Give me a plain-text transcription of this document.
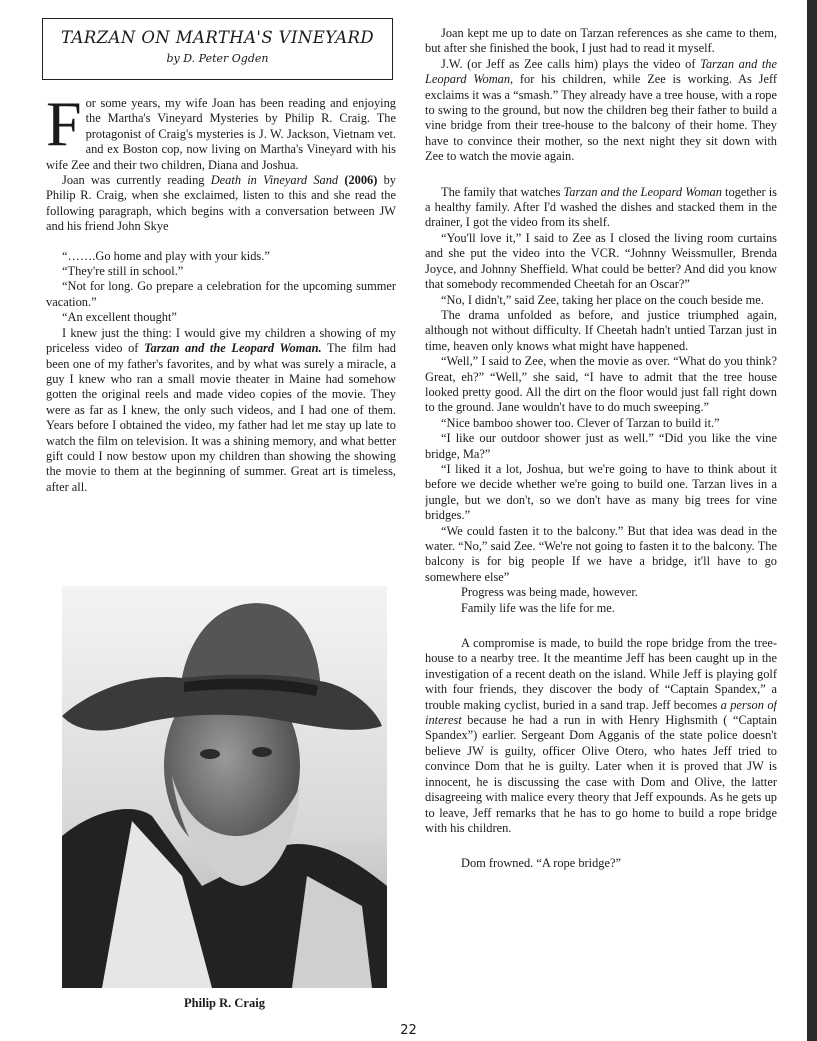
TARZAN ON MARTHA'S VINEYARD
by D. Peter Ogden

For some years, my wife Joan has been reading and enjoying the Martha's Vineyard Mysteries by Philip R. Craig. The protagonist of Craig's mysteries is J. W. Jackson, Vietnam vet. and ex Boston cop, now living on Martha's Vineyard with his wife Zee and their two children, Diana and Joshua.

Joan was currently reading Death in Vineyard Sand (2006) by Philip R. Craig, when she exclaimed, listen to this and she read the following paragraph, which begins with a conversation between JW and his friend John Skye

“…….Go home and play with your kids.”

“They're still in school.”

“Not for long. Go prepare a celebration for the upcoming summer vacation.”

“An excellent thought”

I knew just the thing: I would give my children a showing of my priceless video of Tarzan and the Leopard Woman. The film had been one of my father's favorites, and by what was surely a miracle, a guy I knew who ran a small movie theater in Maine had somehow gotten the original reels and made video copies of the movie. They were as far as I knew, the only such videos, and I had one of them. Years before I obtained the video, my father had let me stay up late to watch the film on television. It was a shining memory, and what better gift could I now bestow upon my children than showing the showing the movie to them at the beginning of summer. Great art is timeless, after all.

Philip R. Craig

Joan kept me up to date on Tarzan references as she came to them, but after she finished the book, I just had to read it myself.

J.W. (or Jeff as Zee calls him) plays the video of Tarzan and the Leopard Woman, for his children, while Zee is working. As Jeff exclaims it was a “smash.” They already have a tree house, with a rope to swing to the ground, but now the children beg their father to build a vine bridge from their tree-house to the balcony of their home. They have to convince their mother, so the next night they sit down with Zee to watch the movie again.

The family that watches Tarzan and the Leopard Woman together is a healthy family. After I'd washed the dishes and stacked them in the drainer, I got the video from its shelf.

“You'll love it,” I said to Zee as I closed the living room curtains and she put the video into the VCR. “Johnny Weissmuller, Brenda Joyce, and Johnny Sheffield. What could be better? And did you know that somebody recommended Cheetah for an Oscar?”

“No, I didn't,” said Zee, taking her place on the couch beside me.

The drama unfolded as before, and justice triumphed again, although not without difficulty. If Cheetah hadn't untied Tarzan just in time, heaven only knows what might have happened.

“Well,” I said to Zee, when the movie as over. “What do you think? Great, eh?” “Well,” she said, “I have to admit that the tree house looked pretty good. All the dirt on the floor would just fall right down to the ground. Jane wouldn't have to do much sweeping.”

“Nice bamboo shower too. Clever of Tarzan to build it.”

“I like our outdoor shower just as well.” “Did you like the vine bridge, Ma?”

“I liked it a lot, Joshua, but we're going to have to think about it before we decide whether we're going to build one. Tarzan lives in a jungle, but we don't, so we don't have as many big trees for vine bridges.”

“We could fasten it to the balcony.” But that idea was dead in the water. “No,” said Zee. “We're not going to fasten it to the balcony. The balcony is for big people If we have a bridge, it'll have to go somewhere else”

Progress was being made, however.

Family life was the life for me.

A compromise is made, to build the rope bridge from the tree-house to a nearby tree. It the meantime Jeff has been caught up in the investigation of a recent death on the island. While Jeff is playing golf with four friends, they discover the body of “Captain Spandex,” a trouble making cyclist, buried in a sand trap. Jeff becomes a person of interest because he had a run in with Henry Highsmith ( “Captain Spandex”) earlier. Sergeant Dom Agganis of the state police doesn't believe JW is guilty, officer Olive Otero, who hates Jeff tried to convince Dom that he is guilty. Later when it is proved that JW is innocent, he is discussing the case with Dom and Olive, the latter disagreeing with malice every theory that Jeff expounds. As he gets up to leave, Jeff remarks that he has to go home to build a rope bridge with his children.

Dom frowned. “A rope bridge?”

22
